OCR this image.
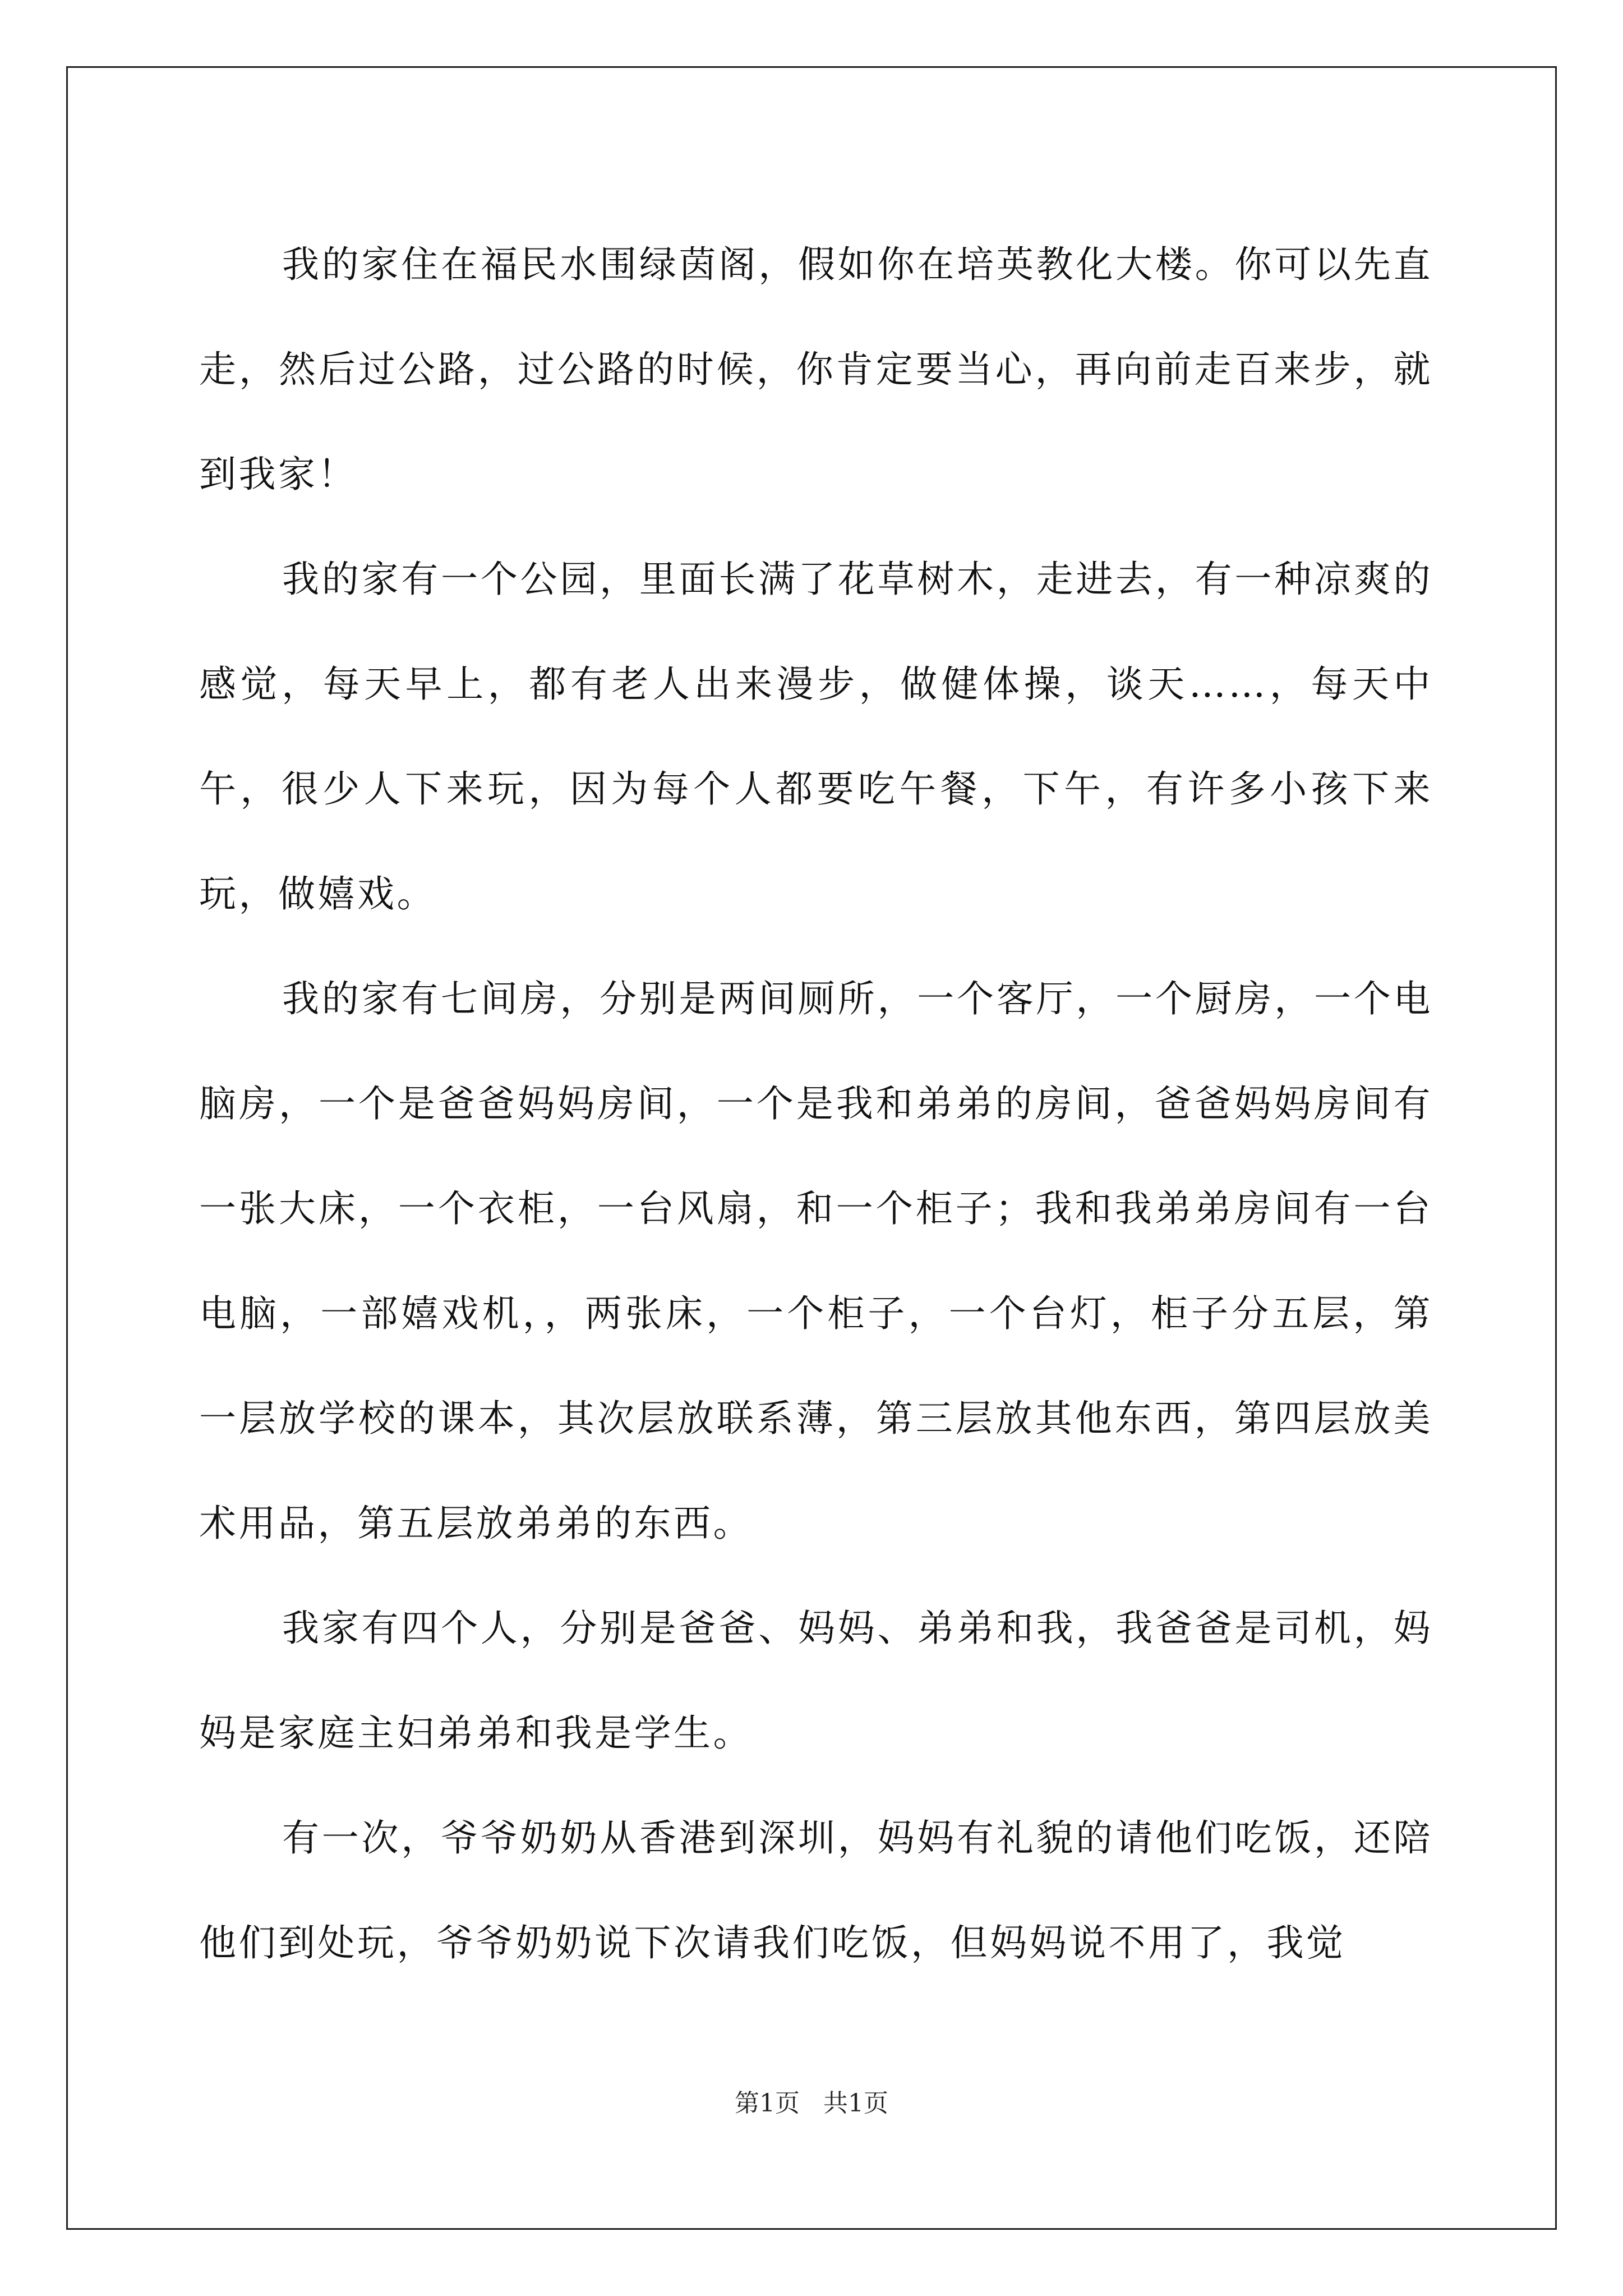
我的家住在福民水围绿茵阁，假如你在培英教化大楼。你可以先直走，然后过公路，过公路的时候，你肯定要当心，再向前走百来步，就到我家！

我的家有一个公园，里面长满了花草树木，走进去，有一种凉爽的感觉，每天早上，都有老人出来漫步，做健体操，谈天……，每天中午，很少人下来玩，因为每个人都要吃午餐，下午，有许多小孩下来玩，做嬉戏。

我的家有七间房，分别是两间厕所，一个客厅，一个厨房，一个电脑房，一个是爸爸妈妈房间，一个是我和弟弟的房间，爸爸妈妈房间有一张大床，一个衣柜，一台风扇，和一个柜子；我和我弟弟房间有一台电脑，一部嬉戏机，，两张床，一个柜子，一个台灯，柜子分五层，第一层放学校的课本，其次层放联系薄，第三层放其他东西，第四层放美术用品，第五层放弟弟的东西。

我家有四个人，分别是爸爸、妈妈、弟弟和我，我爸爸是司机，妈妈是家庭主妇弟弟和我是学生。

有一次，爷爷奶奶从香港到深圳，妈妈有礼貌的请他们吃饭，还陪他们到处玩，爷爷奶奶说下次请我们吃饭，但妈妈说不用了，我觉

第1页 共1页
